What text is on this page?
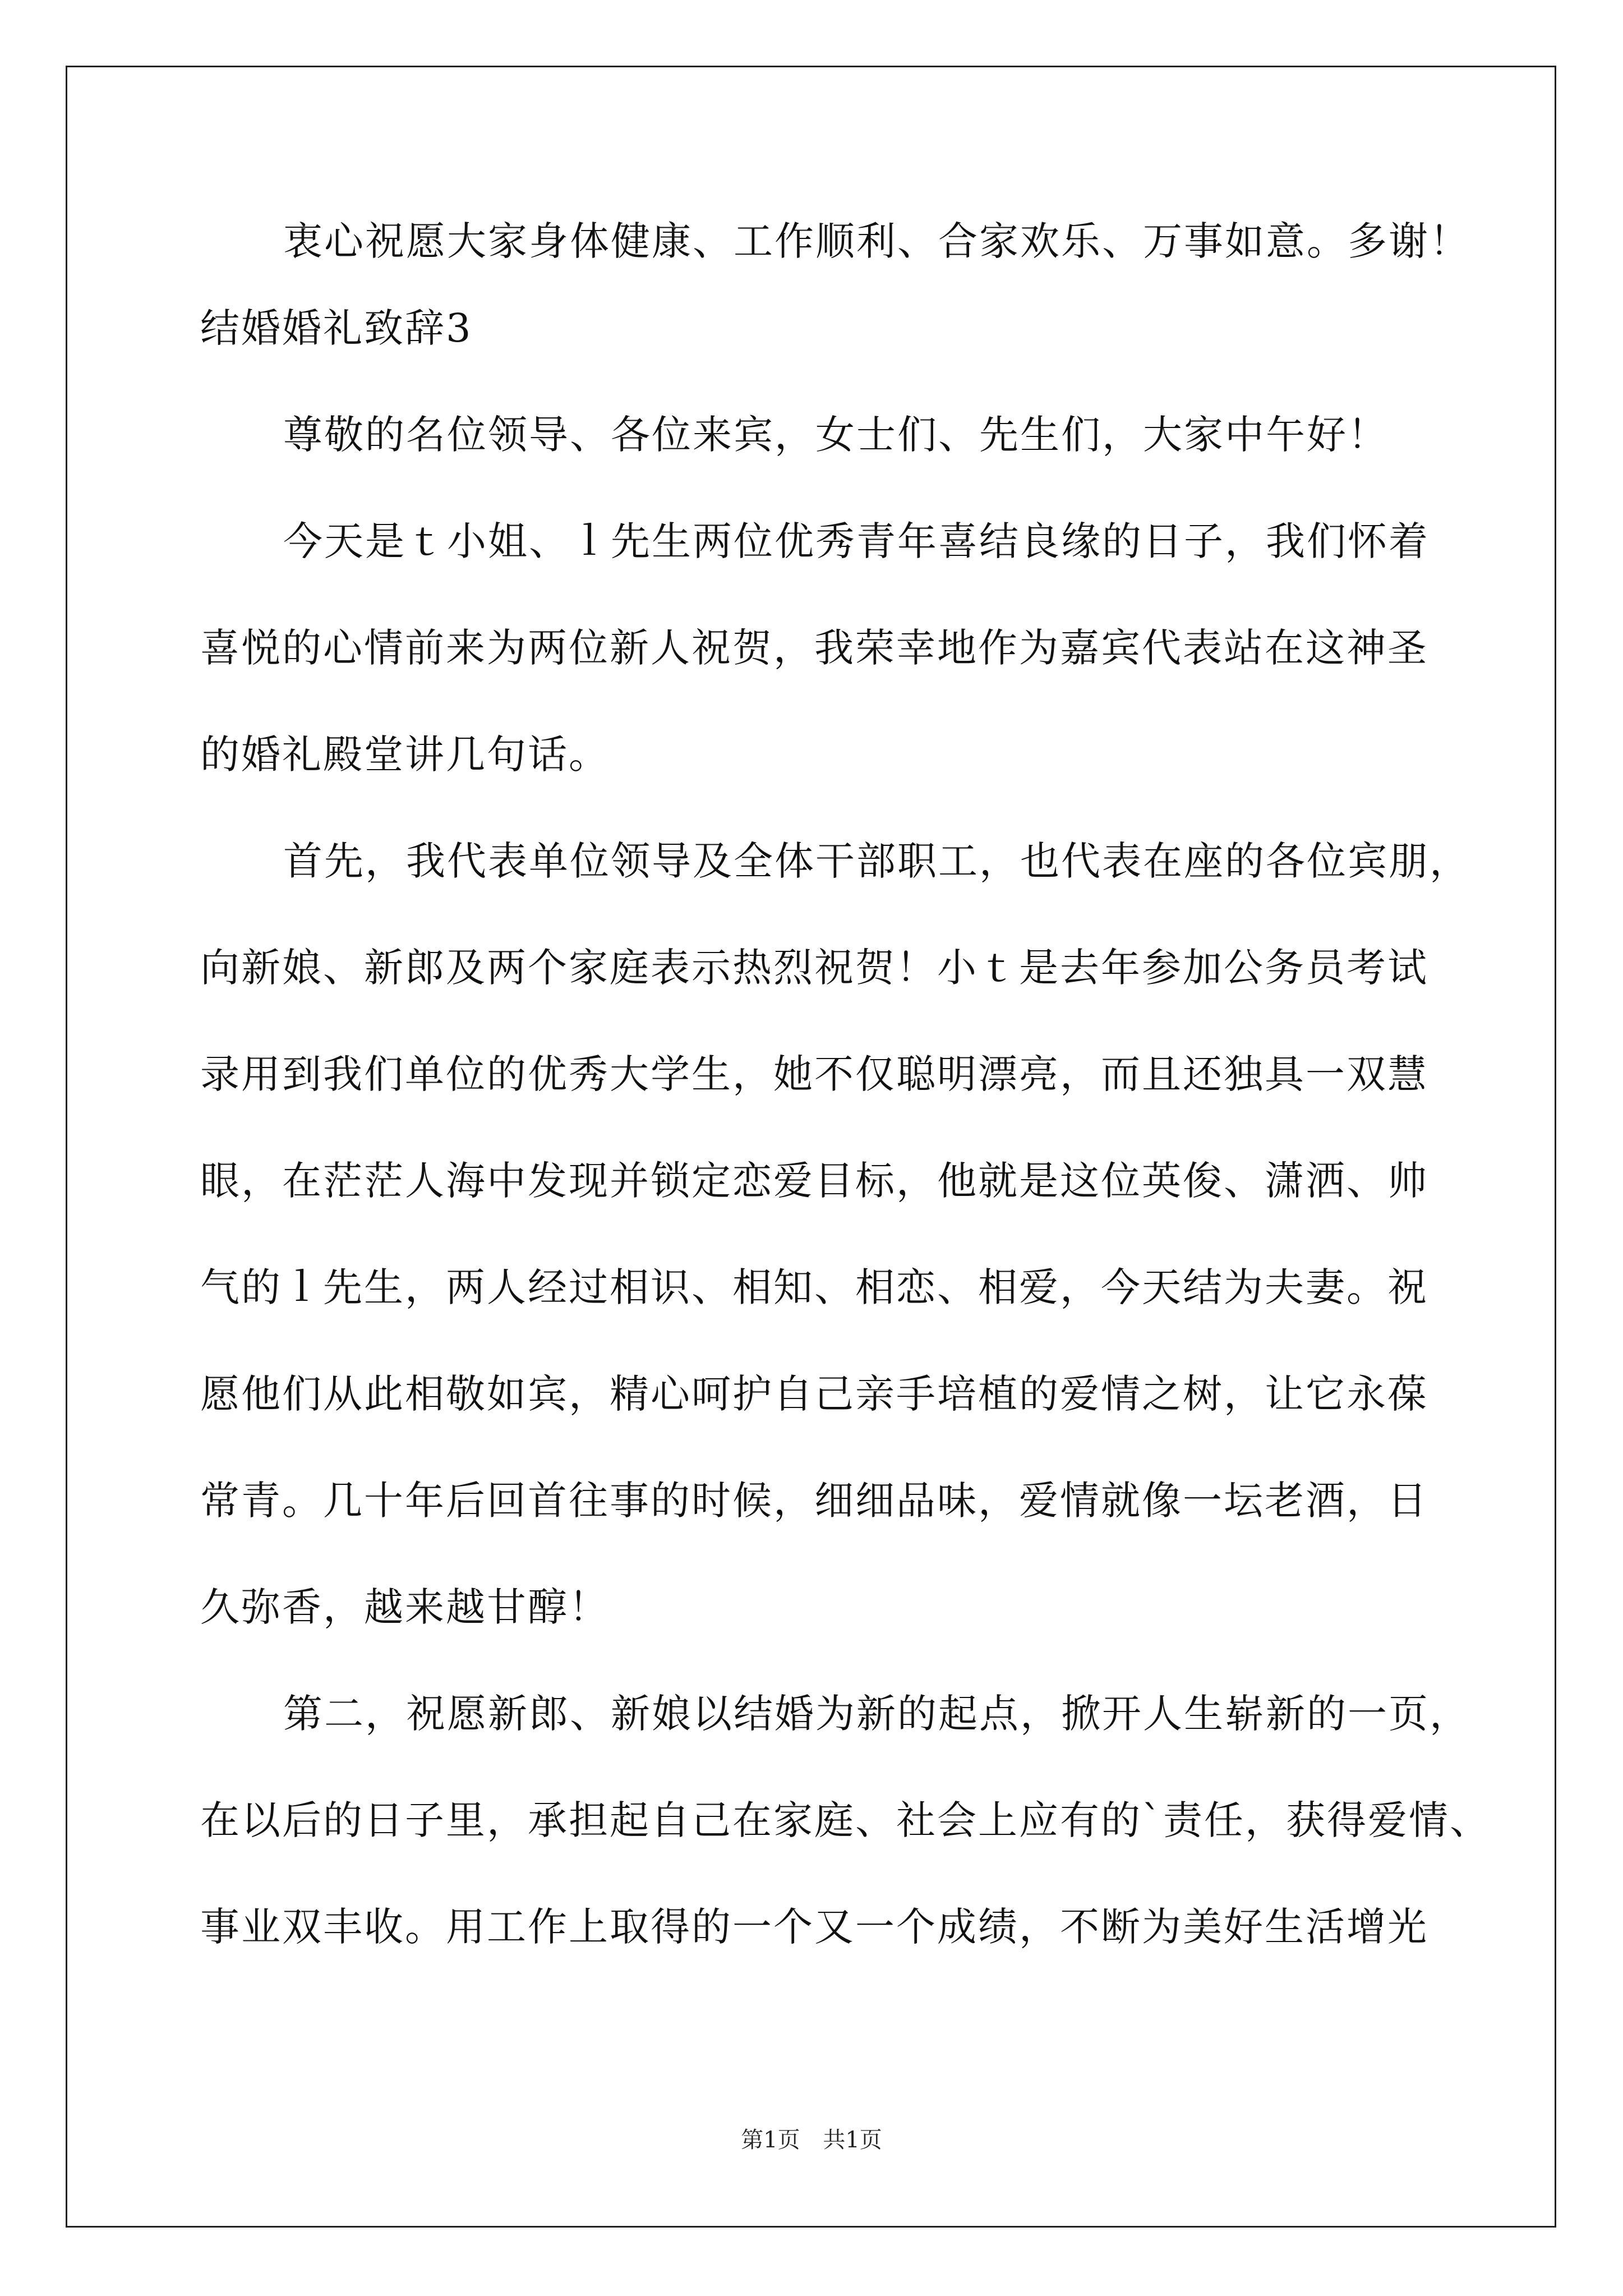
衷心祝愿大家身体健康、工作顺利、合家欢乐、万事如意。多谢！
结婚婚礼致辞3
尊敬的名位领导、各位来宾，女士们、先生们，大家中午好！
今天是ｔ小姐、ｌ先生两位优秀青年喜结良缘的日子，我们怀着
喜悦的心情前来为两位新人祝贺，我荣幸地作为嘉宾代表站在这神圣
的婚礼殿堂讲几句话。
首先，我代表单位领导及全体干部职工，也代表在座的各位宾朋，
向新娘、新郎及两个家庭表示热烈祝贺！小ｔ是去年参加公务员考试
录用到我们单位的优秀大学生，她不仅聪明漂亮，而且还独具一双慧
眼，在茫茫人海中发现并锁定恋爱目标，他就是这位英俊、潇洒、帅
气的ｌ先生，两人经过相识、相知、相恋、相爱，今天结为夫妻。祝
愿他们从此相敬如宾，精心呵护自己亲手培植的爱情之树，让它永葆
常青。几十年后回首往事的时候，细细品味，爱情就像一坛老酒，日
久弥香，越来越甘醇！
第二，祝愿新郎、新娘以结婚为新的起点，掀开人生崭新的一页，
在以后的日子里，承担起自己在家庭、社会上应有的`责任，获得爱情、
事业双丰收。用工作上取得的一个又一个成绩，不断为美好生活增光
第1页 共1页
